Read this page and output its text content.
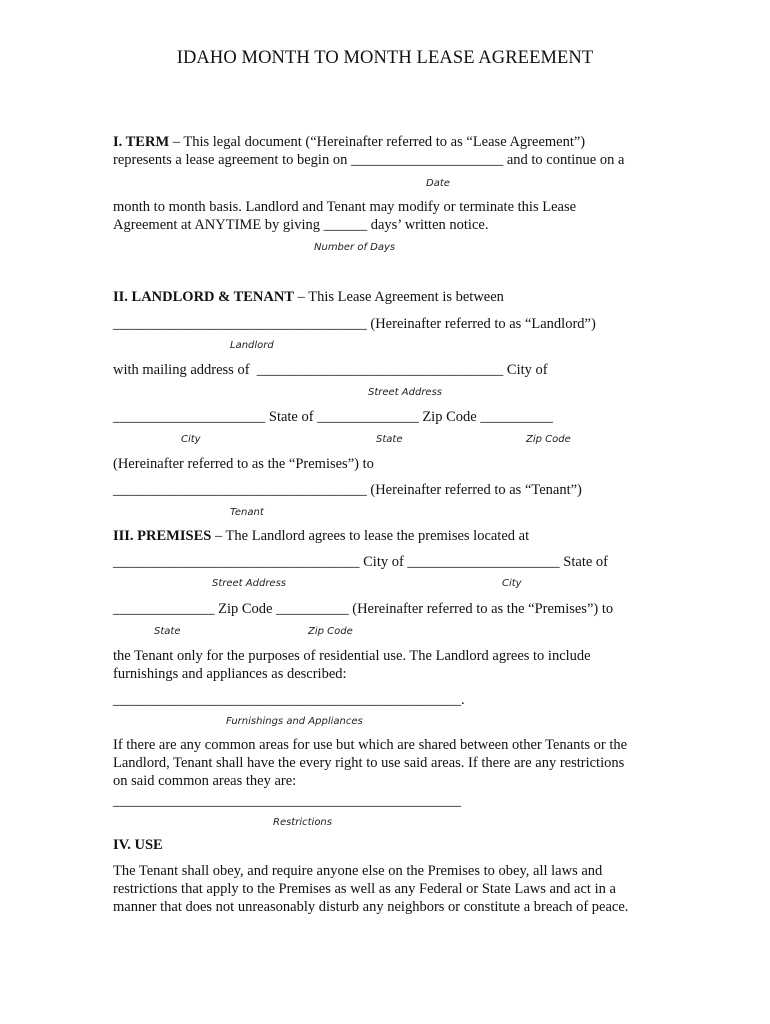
IDAHO MONTH TO MONTH LEASE AGREEMENT
I. TERM – This legal document (“Hereinafter referred to as “Lease Agreement”)
represents a lease agreement to begin on _____________________ and to continue on a
Date
month to month basis. Landlord and Tenant may modify or terminate this Lease
Agreement at ANYTIME by giving ______ days’ written notice.
Number of Days
II. LANDLORD & TENANT – This Lease Agreement is between
___________________________________ (Hereinafter referred to as “Landlord”)
Landlord
with mailing address of  __________________________________ City of
Street Address
_____________________ State of ______________ Zip Code __________
City	State	Zip Code
(Hereinafter referred to as the “Premises”) to
___________________________________ (Hereinafter referred to as “Tenant”)
Tenant
III. PREMISES – The Landlord agrees to lease the premises located at
__________________________________ City of _____________________ State of
Street Address	City
______________ Zip Code __________ (Hereinafter referred to as the “Premises”) to
State	Zip Code
the Tenant only for the purposes of residential use. The Landlord agrees to include
furnishings and appliances as described:
________________________________________________.
Furnishings and Appliances
If there are any common areas for use but which are shared between other Tenants or the
Landlord, Tenant shall have the every right to use said areas. If there are any restrictions
on said common areas they are:
________________________________________________
Restrictions
IV. USE
The Tenant shall obey, and require anyone else on the Premises to obey, all laws and
restrictions that apply to the Premises as well as any Federal or State Laws and act in a
manner that does not unreasonably disturb any neighbors or constitute a breach of peace.
